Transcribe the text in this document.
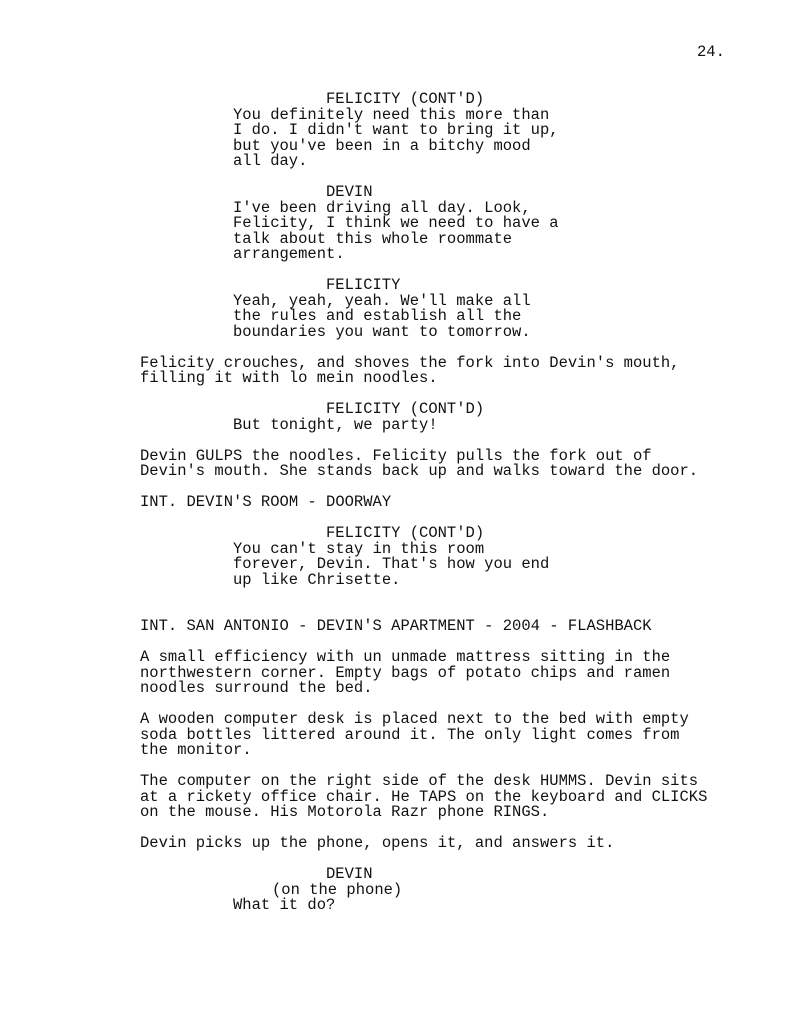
24.
FELICITY (CONT'D)
You definitely need this more than
I do. I didn't want to bring it up,
but you've been in a bitchy mood
all day.
DEVIN
I've been driving all day. Look,
Felicity, I think we need to have a
talk about this whole roommate
arrangement.
FELICITY
Yeah, yeah, yeah. We'll make all
the rules and establish all the
boundaries you want to tomorrow.
Felicity crouches, and shoves the fork into Devin's mouth,
filling it with lo mein noodles.
FELICITY (CONT'D)
But tonight, we party!
Devin GULPS the noodles. Felicity pulls the fork out of
Devin's mouth. She stands back up and walks toward the door.
INT. DEVIN'S ROOM - DOORWAY
FELICITY (CONT'D)
You can't stay in this room
forever, Devin. That's how you end
up like Chrisette.
INT. SAN ANTONIO - DEVIN'S APARTMENT - 2004 - FLASHBACK
A small efficiency with un unmade mattress sitting in the
northwestern corner. Empty bags of potato chips and ramen
noodles surround the bed.
A wooden computer desk is placed next to the bed with empty
soda bottles littered around it. The only light comes from
the monitor.
The computer on the right side of the desk HUMMS. Devin sits
at a rickety office chair. He TAPS on the keyboard and CLICKS
on the mouse. His Motorola Razr phone RINGS.
Devin picks up the phone, opens it, and answers it.
DEVIN
(on the phone)
What it do?
